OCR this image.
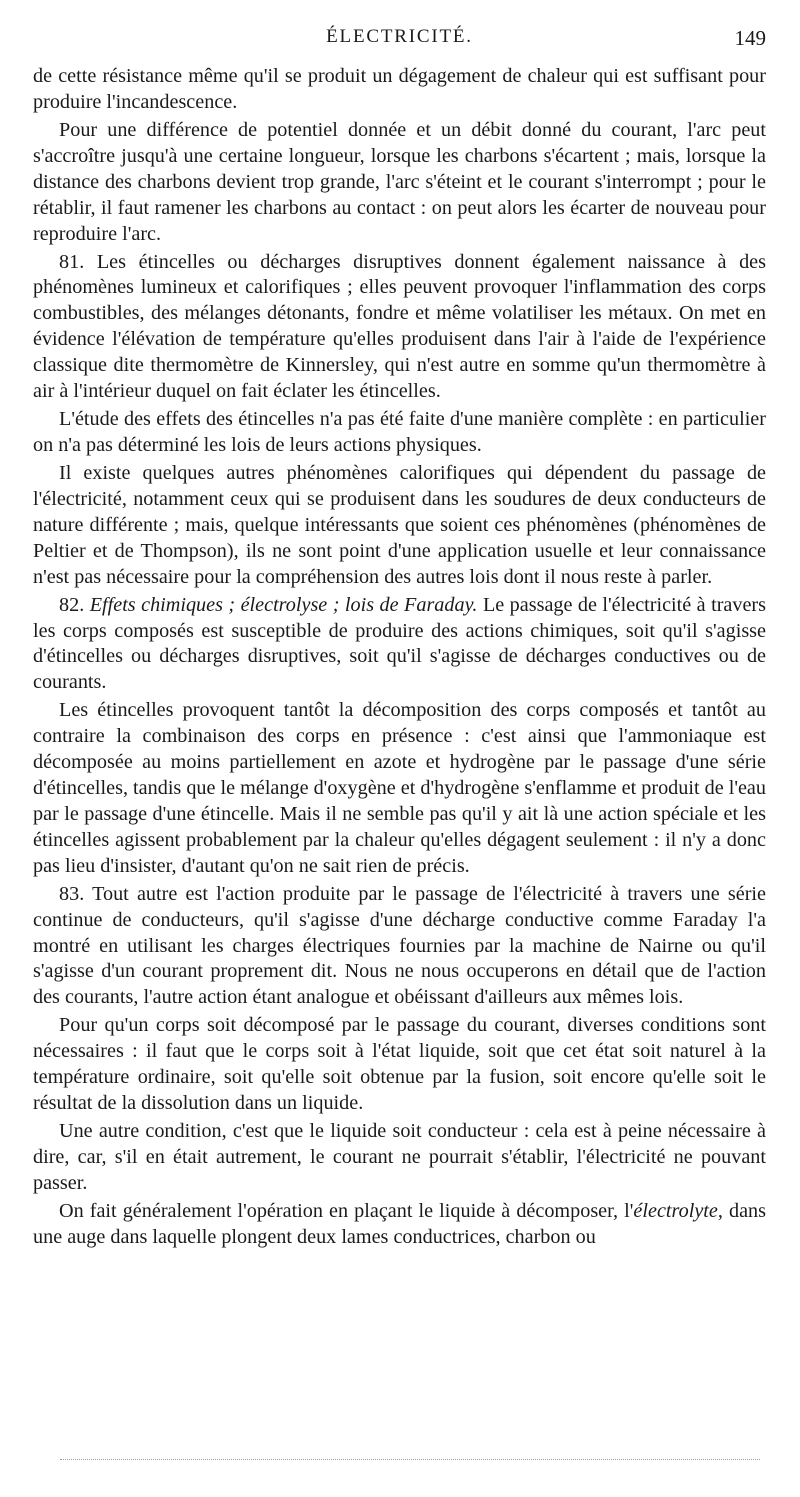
ÉLECTRICITÉ.	149

de cette résistance même qu'il se produit un dégagement de chaleur qui est suffisant pour produire l'incandescence.

Pour une différence de potentiel donnée et un débit donné du courant, l'arc peut s'accroître jusqu'à une certaine longueur, lorsque les charbons s'écartent ; mais, lorsque la distance des charbons devient trop grande, l'arc s'éteint et le courant s'interrompt ; pour le rétablir, il faut ramener les charbons au contact : on peut alors les écarter de nouveau pour reproduire l'arc.

81. Les étincelles ou décharges disruptives donnent également naissance à des phénomènes lumineux et calorifiques ; elles peuvent provoquer l'inflammation des corps combustibles, des mélanges détonants, fondre et même volatiliser les métaux. On met en évidence l'élévation de température qu'elles produisent dans l'air à l'aide de l'expérience classique dite thermomètre de Kinnersley, qui n'est autre en somme qu'un thermomètre à air à l'intérieur duquel on fait éclater les étincelles.

L'étude des effets des étincelles n'a pas été faite d'une manière complète : en particulier on n'a pas déterminé les lois de leurs actions physiques.

Il existe quelques autres phénomènes calorifiques qui dépendent du passage de l'électricité, notamment ceux qui se produisent dans les soudures de deux conducteurs de nature différente ; mais, quelque intéressants que soient ces phénomènes (phénomènes de Peltier et de Thompson), ils ne sont point d'une application usuelle et leur connaissance n'est pas nécessaire pour la compréhension des autres lois dont il nous reste à parler.

82. Effets chimiques ; électrolyse ; lois de Faraday. Le passage de l'électricité à travers les corps composés est susceptible de produire des actions chimiques, soit qu'il s'agisse d'étincelles ou décharges disruptives, soit qu'il s'agisse de décharges conductives ou de courants.

Les étincelles provoquent tantôt la décomposition des corps composés et tantôt au contraire la combinaison des corps en présence : c'est ainsi que l'ammoniaque est décomposée au moins partiellement en azote et hydrogène par le passage d'une série d'étincelles, tandis que le mélange d'oxygène et d'hydrogène s'enflamme et produit de l'eau par le passage d'une étincelle. Mais il ne semble pas qu'il y ait là une action spéciale et les étincelles agissent probablement par la chaleur qu'elles dégagent seulement : il n'y a donc pas lieu d'insister, d'autant qu'on ne sait rien de précis.

83. Tout autre est l'action produite par le passage de l'électricité à travers une série continue de conducteurs, qu'il s'agisse d'une décharge conductive comme Faraday l'a montré en utilisant les charges électriques fournies par la machine de Nairne ou qu'il s'agisse d'un courant proprement dit. Nous ne nous occuperons en détail que de l'action des courants, l'autre action étant analogue et obéissant d'ailleurs aux mêmes lois.

Pour qu'un corps soit décomposé par le passage du courant, diverses conditions sont nécessaires : il faut que le corps soit à l'état liquide, soit que cet état soit naturel à la température ordinaire, soit qu'elle soit obtenue par la fusion, soit encore qu'elle soit le résultat de la dissolution dans un liquide.

Une autre condition, c'est que le liquide soit conducteur : cela est à peine nécessaire à dire, car, s'il en était autrement, le courant ne pourrait s'établir, l'électricité ne pouvant passer.

On fait généralement l'opération en plaçant le liquide à décomposer, l'électrolyte, dans une auge dans laquelle plongent deux lames conductrices, charbon ou
